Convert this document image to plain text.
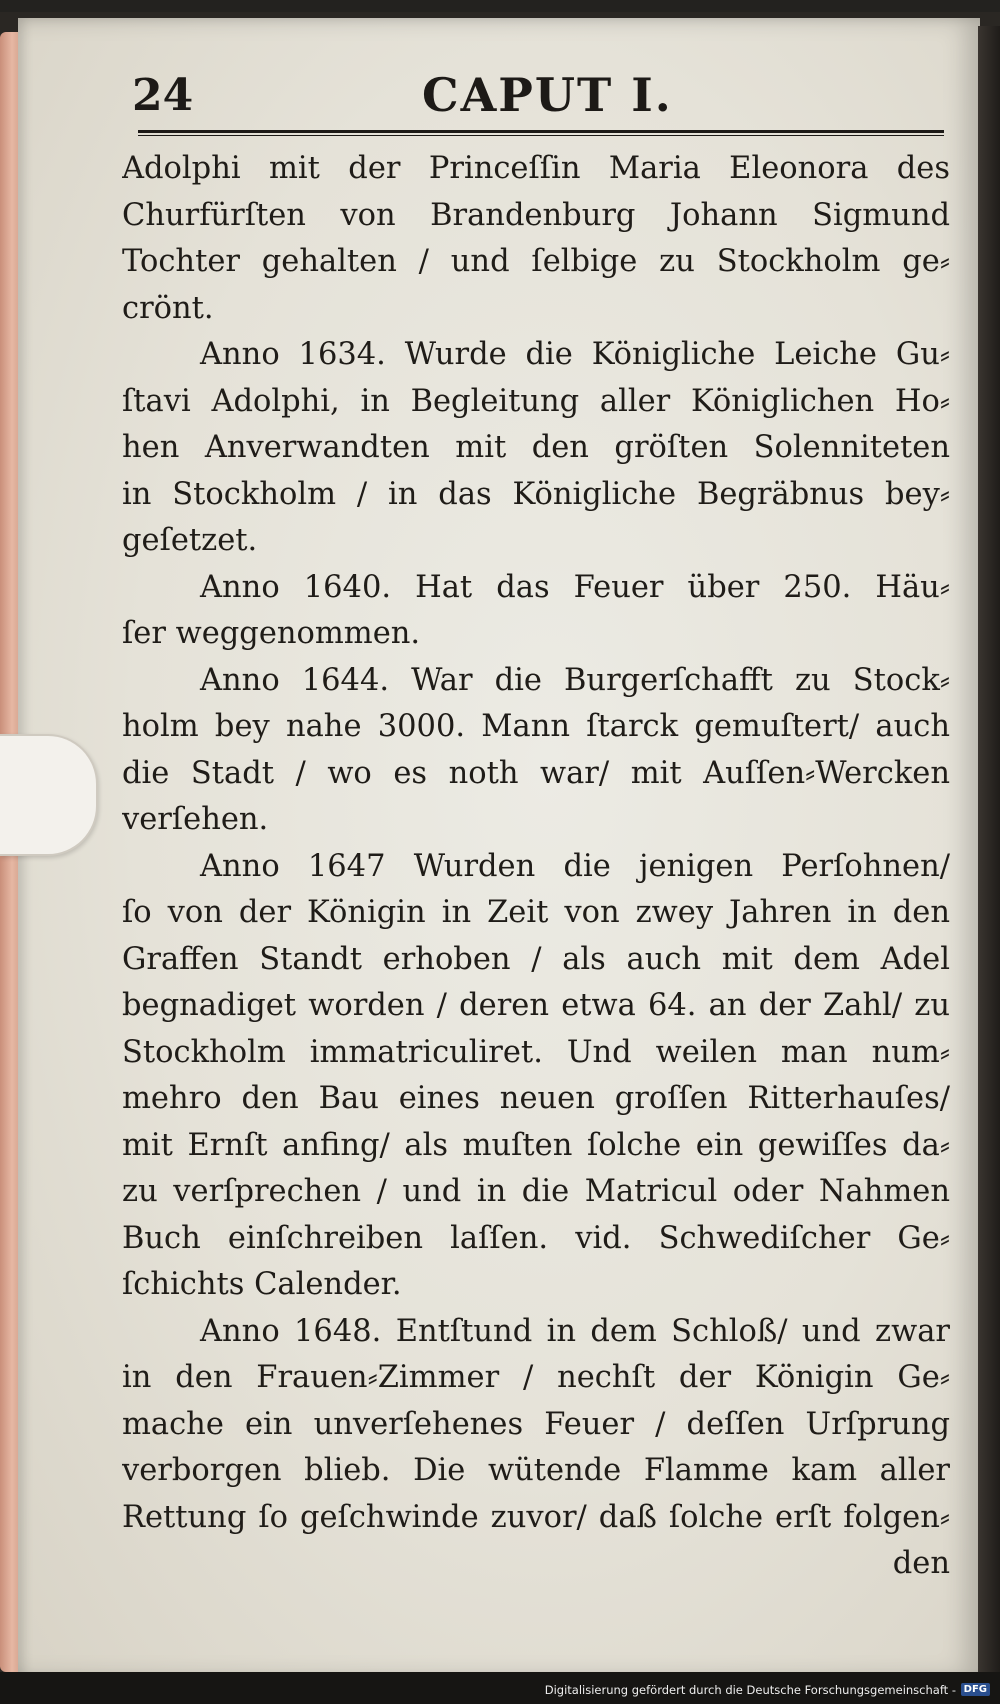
24	CAPUT I.
Adolphi mit der Princeſſin Maria Eleonora des
Churfürſten von Brandenburg Johann Sigmund
Tochter gehalten / und ſelbige zu Stockholm ge⸗
crönt.
Anno 1634. Wurde die Königliche Leiche Gu⸗
ſtavi Adolphi, in Begleitung aller Königlichen Ho⸗
hen Anverwandten mit den gröſten Solenniteten
in Stockholm / in das Königliche Begräbnus bey⸗
geſetzet.
Anno 1640. Hat das Feuer über 250. Häu⸗
ſer weggenommen.
Anno 1644. War die Burgerſchafft zu Stock⸗
holm bey nahe 3000. Mann ſtarck gemuſtert/ auch
die Stadt / wo es noth war/ mit Auſſen⸗Wercken
verſehen.
Anno 1647 Wurden die jenigen Perſohnen/
ſo von der Königin in Zeit von zwey Jahren in den
Graffen Standt erhoben / als auch mit dem Adel
begnadiget worden / deren etwa 64. an der Zahl/ zu
Stockholm immatriculiret. Und weilen man num⸗
mehro den Bau eines neuen groſſen Ritterhauſes/
mit Ernſt anfing/ als muſten ſolche ein gewiſſes da⸗
zu verſprechen / und in die Matricul oder Nahmen
Buch einſchreiben laſſen. vid. Schwediſcher Ge⸗
ſchichts Calender.
Anno 1648. Entſtund in dem Schloß/ und zwar
in den Frauen⸗Zimmer / nechſt der Königin Ge⸗
mache ein unverſehenes Feuer / deſſen Urſprung
verborgen blieb. Die wütende Flamme kam aller
Rettung ſo geſchwinde zuvor/ daß ſolche erſt folgen⸗
den
Digitalisierung gefördert durch die Deutsche Forschungsgemeinschaft - DFG
